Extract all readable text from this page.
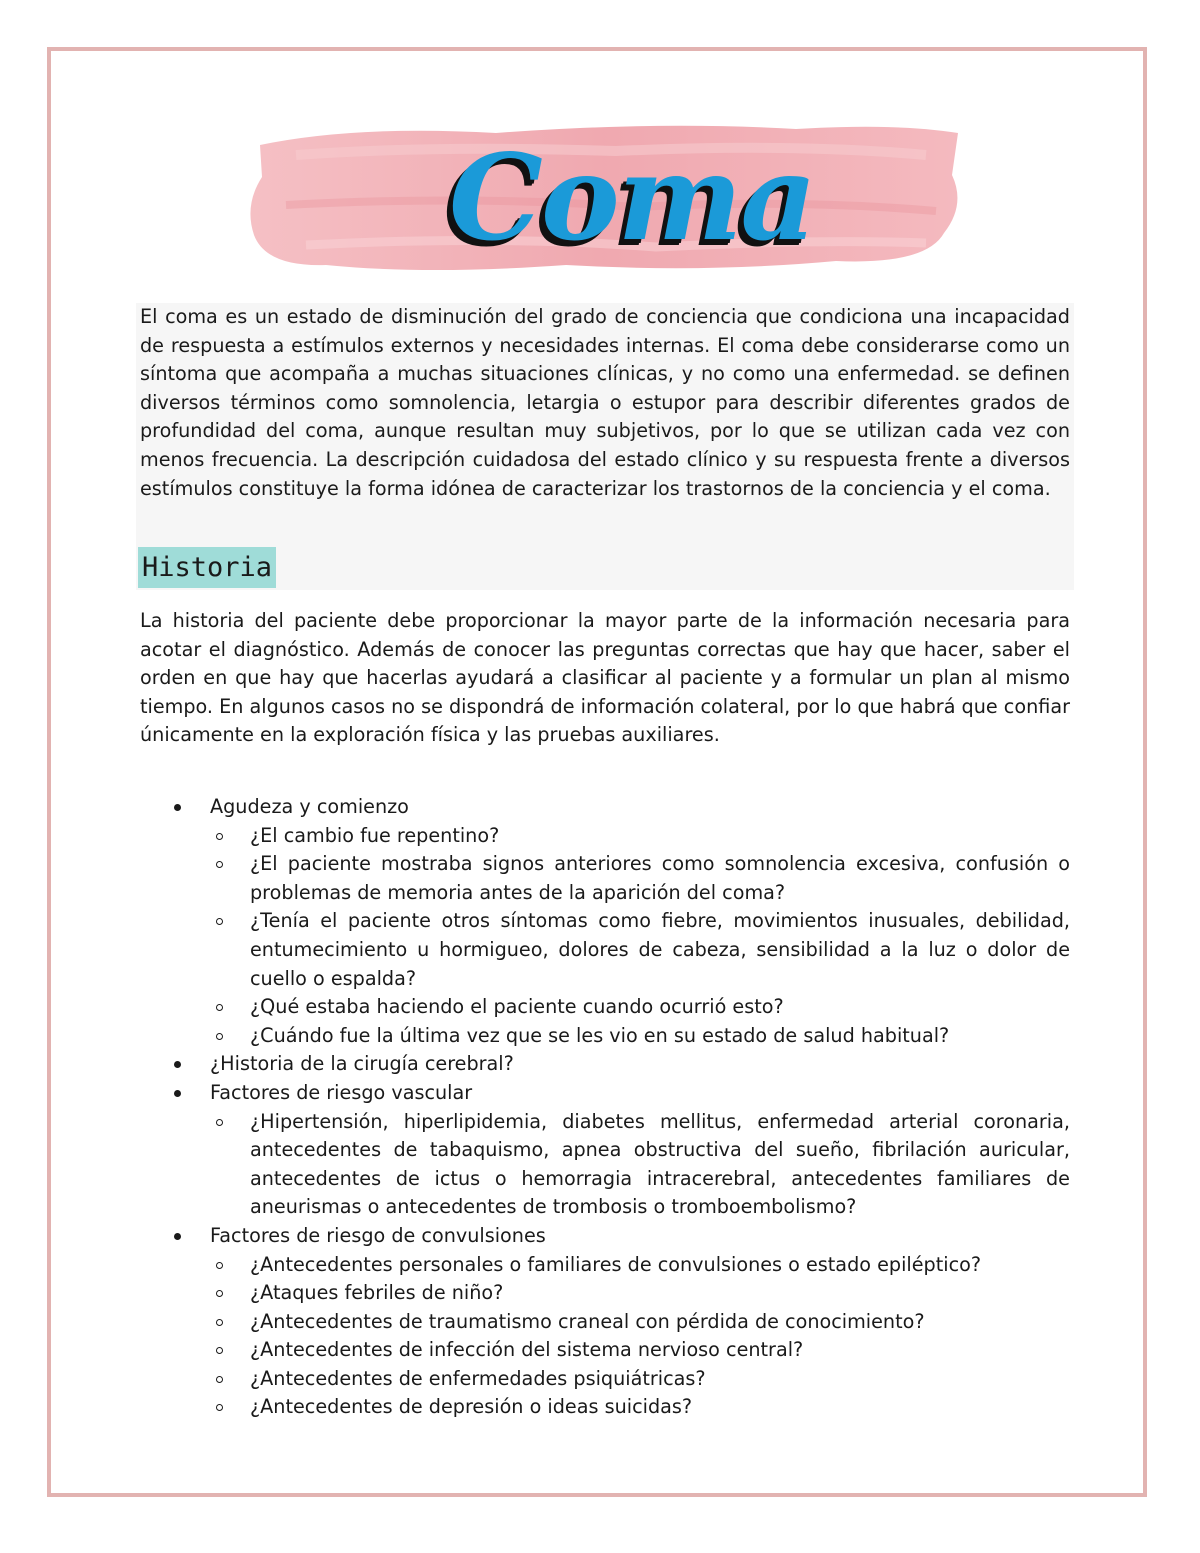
Coma

El coma es un estado de disminución del grado de conciencia que condiciona una incapacidad de respuesta a estímulos externos y necesidades internas. El coma debe considerarse como un síntoma que acompaña a muchas situaciones clínicas, y no como una enfermedad. se definen diversos términos como somnolencia, letargia o estupor para describir diferentes grados de profundidad del coma, aunque resultan muy subjetivos, por lo que se utilizan cada vez con menos frecuencia. La descripción cuidadosa del estado clínico y su respuesta frente a diversos estímulos constituye la forma idónea de caracterizar los trastornos de la conciencia y el coma.

Historia

La historia del paciente debe proporcionar la mayor parte de la información necesaria para acotar el diagnóstico. Además de conocer las preguntas correctas que hay que hacer, saber el orden en que hay que hacerlas ayudará a clasificar al paciente y a formular un plan al mismo tiempo. En algunos casos no se dispondrá de información colateral, por lo que habrá que confiar únicamente en la exploración física y las pruebas auxiliares.

Agudeza y comienzo
¿El cambio fue repentino?
¿El paciente mostraba signos anteriores como somnolencia excesiva, confusión o problemas de memoria antes de la aparición del coma?
¿Tenía el paciente otros síntomas como fiebre, movimientos inusuales, debilidad, entumecimiento u hormigueo, dolores de cabeza, sensibilidad a la luz o dolor de cuello o espalda?
¿Qué estaba haciendo el paciente cuando ocurrió esto?
¿Cuándo fue la última vez que se les vio en su estado de salud habitual?
¿Historia de la cirugía cerebral?
Factores de riesgo vascular
¿Hipertensión, hiperlipidemia, diabetes mellitus, enfermedad arterial coronaria, antecedentes de tabaquismo, apnea obstructiva del sueño, fibrilación auricular, antecedentes de ictus o hemorragia intracerebral, antecedentes familiares de aneurismas o antecedentes de trombosis o tromboembolismo?
Factores de riesgo de convulsiones
¿Antecedentes personales o familiares de convulsiones o estado epiléptico?
¿Ataques febriles de niño?
¿Antecedentes de traumatismo craneal con pérdida de conocimiento?
¿Antecedentes de infección del sistema nervioso central?
¿Antecedentes de enfermedades psiquiátricas?
¿Antecedentes de depresión o ideas suicidas?
